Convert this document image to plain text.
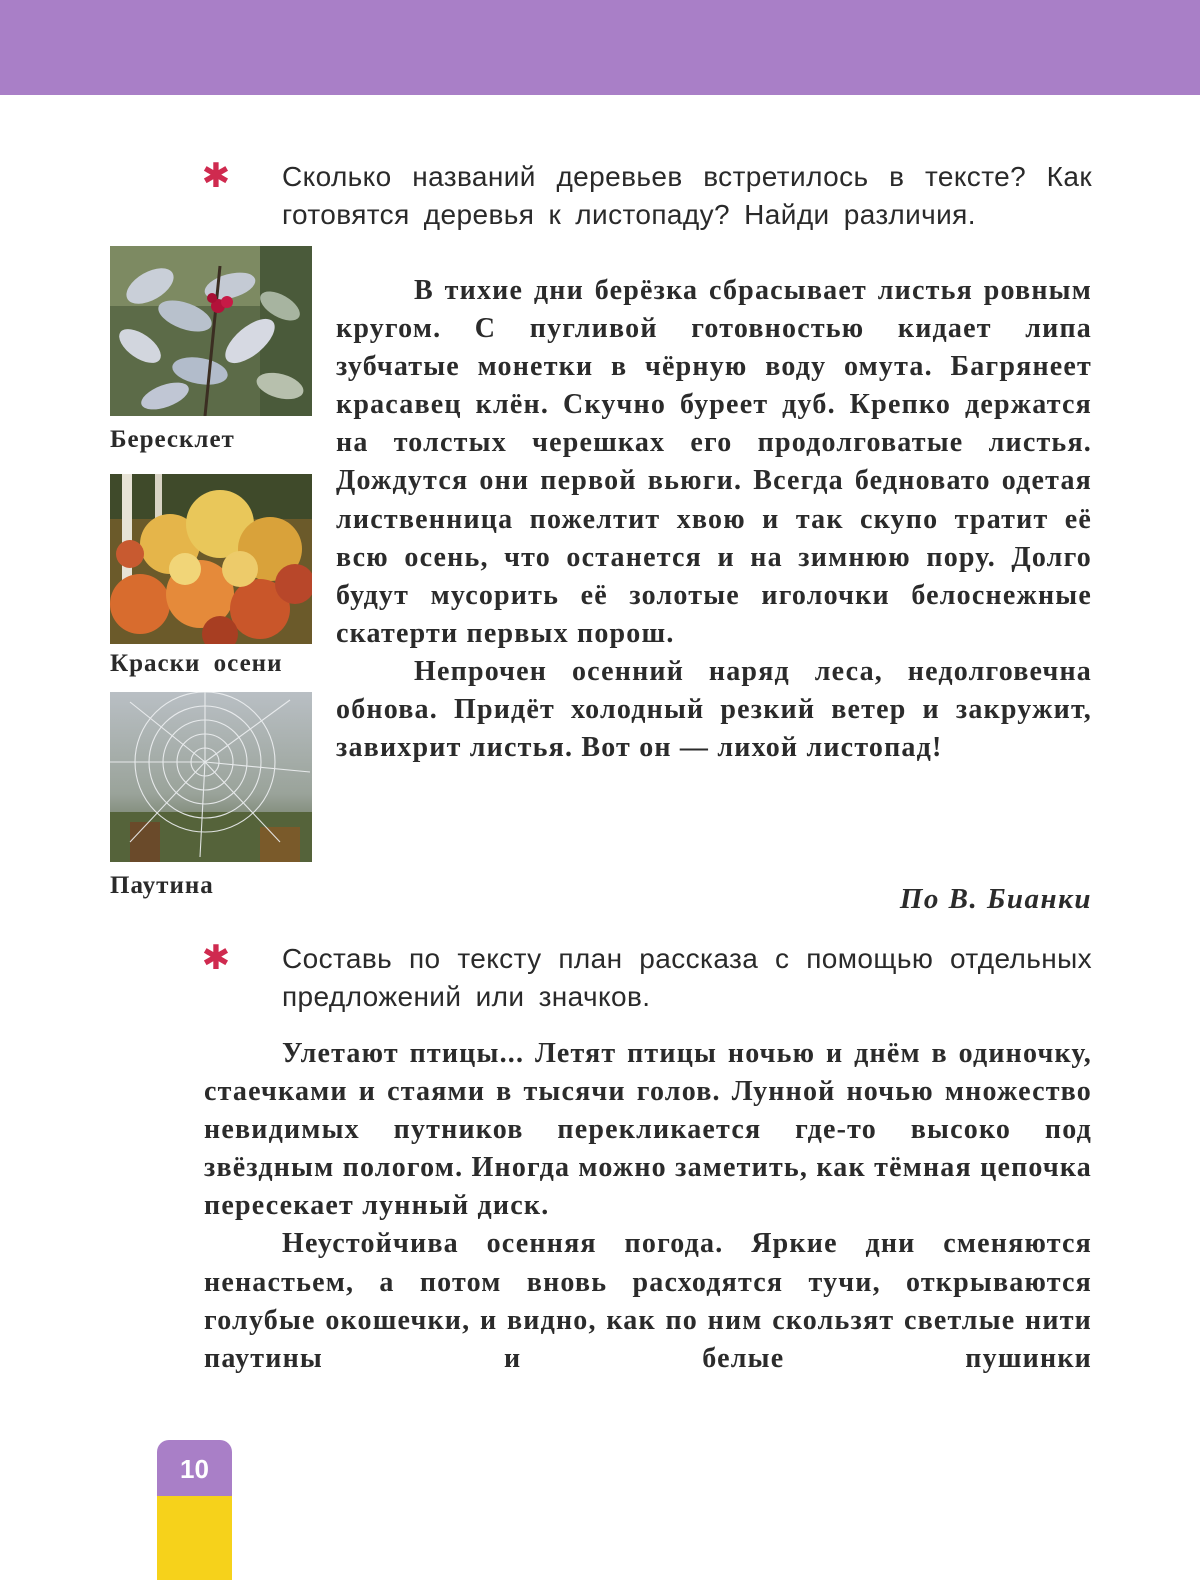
✱ Сколько названий деревьев встретилось в тексте? Как готовятся деревья к листопаду? Найди различия.

Бересклет
Краски осени
Паутина

В тихие дни берёзка сбрасывает листья ровным кругом. С пугливой готовностью кидает липа зубчатые монетки в чёрную воду омута. Багрянеет красавец клён. Скучно буреет дуб. Крепко держатся на толстых черешках его продолговатые листья. Дождутся они первой вьюги. Всегда бедновато одетая лиственница пожелтит хвою и так скупо тратит её всю осень, что останется и на зимнюю пору. Долго будут мусорить её золотые иголочки белоснежные скатерти первых порош.

Непрочен осенний наряд леса, недолговечна обнова. Придёт холодный резкий ветер и закружит, завихрит листья. Вот он — лихой листопад!

По В. Бианки
✱ Составь по тексту план рассказа с помощью отдельных предложений или значков.

Улетают птицы... Летят птицы ночью и днём в одиночку, стаечками и стаями в тысячи голов. Лунной ночью множество невидимых путников перекликается где-то высоко под звёздным пологом. Иногда можно заметить, как тёмная цепочка пересекает лунный диск.

Неустойчива осенняя погода. Яркие дни сменяются ненастьем, а потом вновь расходятся тучи, открываются голубые окошечки, и видно, как по ним скользят светлые нити паутины и белые пушинки

10
